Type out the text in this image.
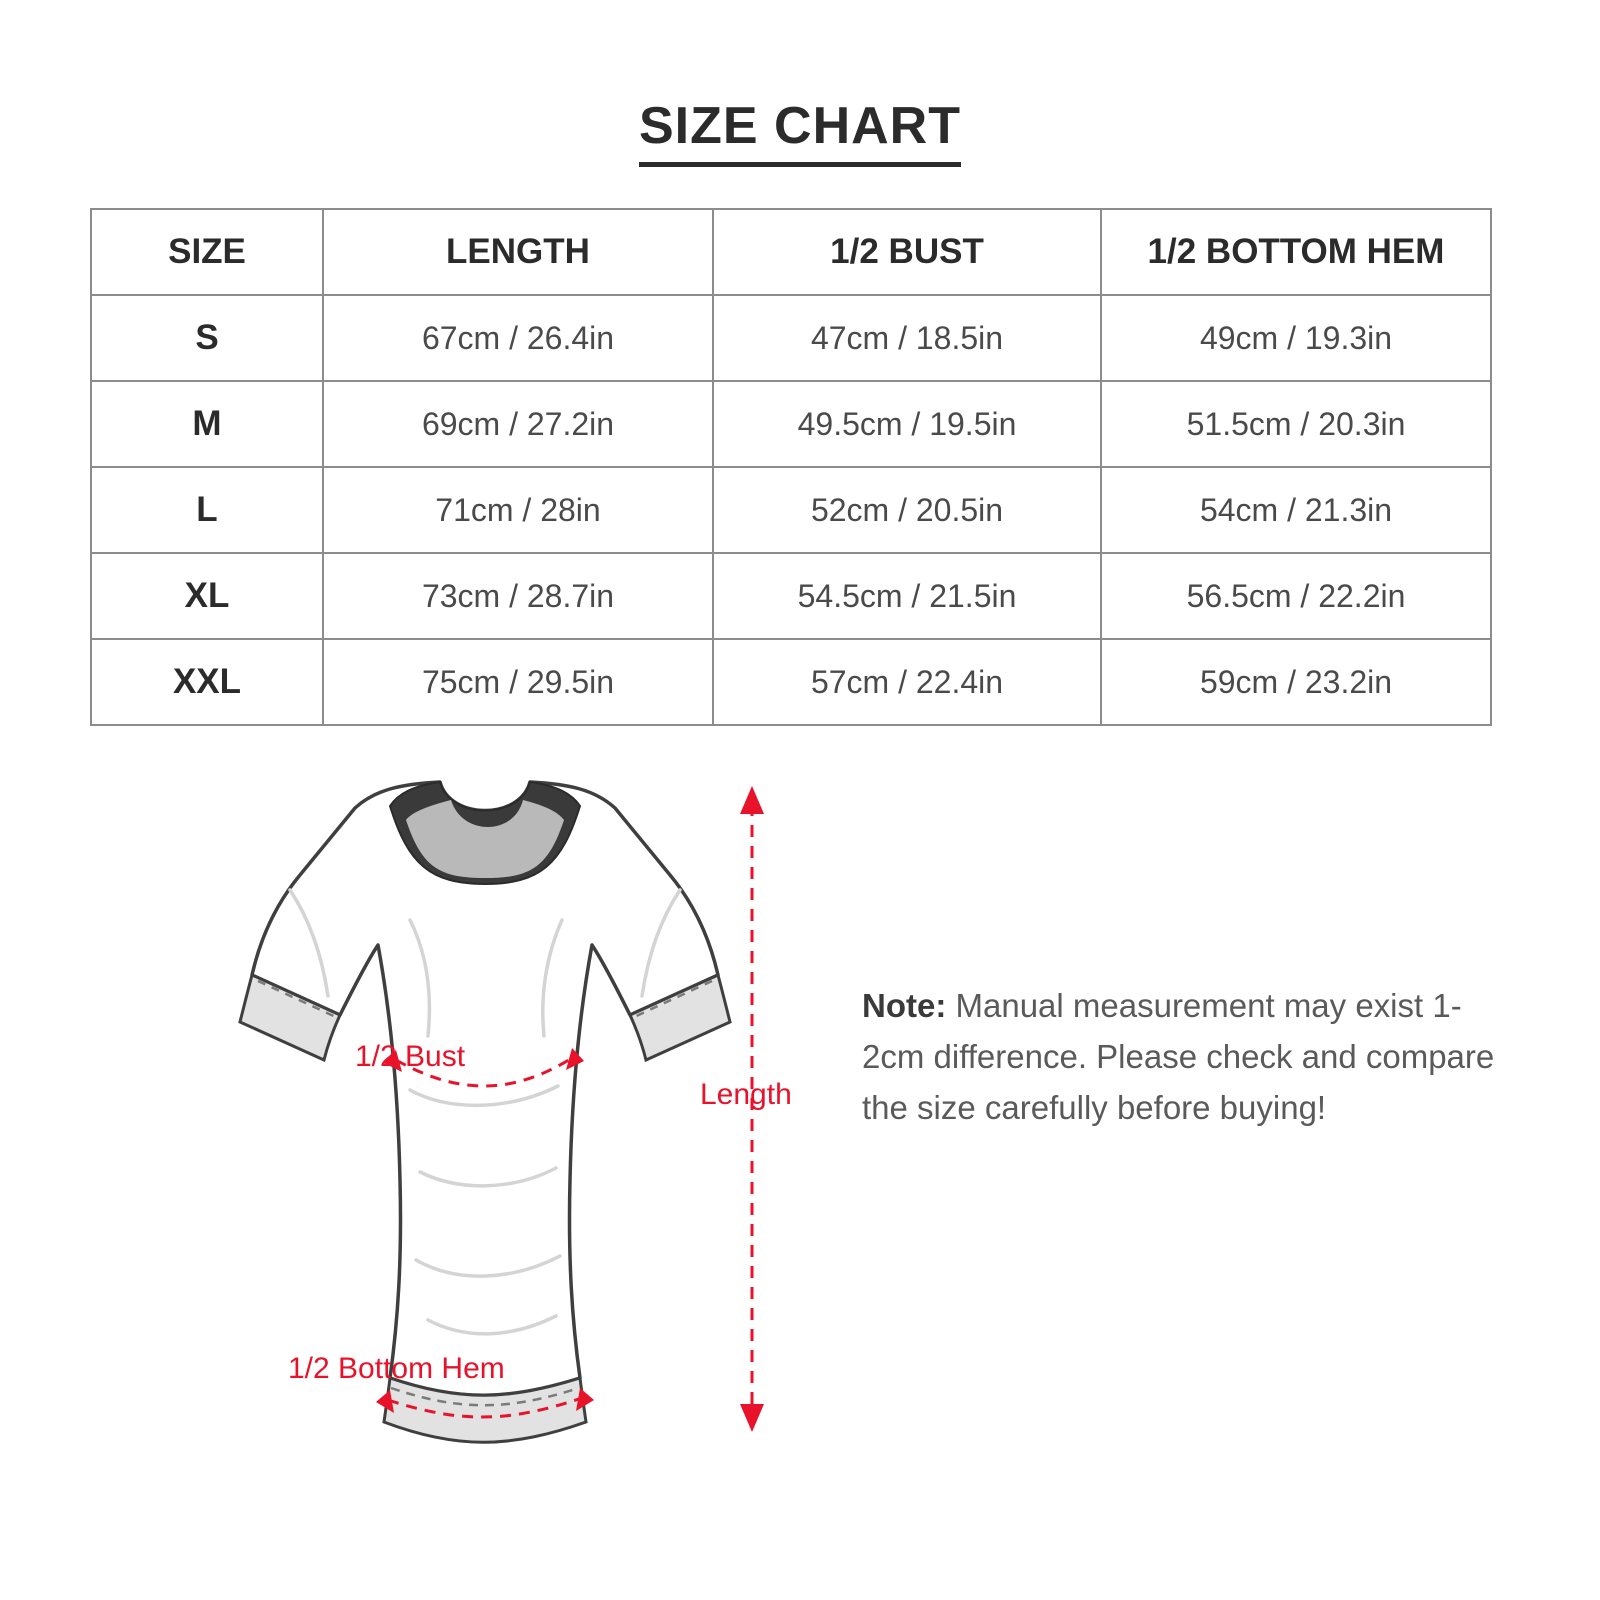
SIZE CHART
SIZE	LENGTH	1/2 BUST	1/2 BOTTOM HEM
S	67cm / 26.4in	47cm / 18.5in	49cm / 19.3in
M	69cm / 27.2in	49.5cm / 19.5in	51.5cm / 20.3in
L	71cm / 28in	52cm / 20.5in	54cm / 21.3in
XL	73cm / 28.7in	54.5cm / 21.5in	56.5cm / 22.2in
XXL	75cm / 29.5in	57cm / 22.4in	59cm / 23.2in
1/2 Bust
1/2 Bottom Hem
Length
Note: Manual measurement may exist 1-2cm difference. Please check and compare the size carefully before buying!
